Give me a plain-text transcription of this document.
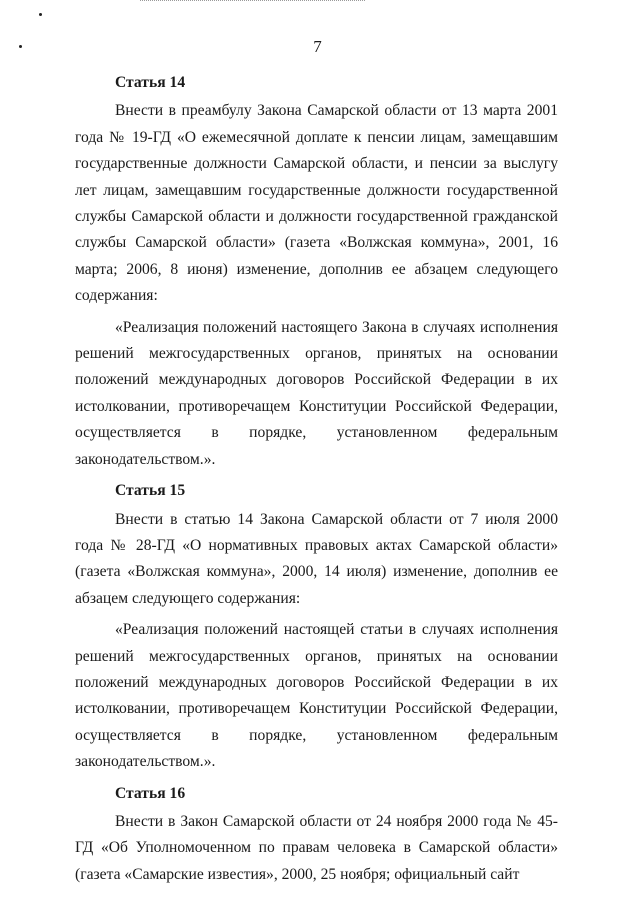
7

Статья 14

Внести в преамбулу Закона Самарской области от 13 марта 2001 года № 19-ГД «О ежемесячной доплате к пенсии лицам, замещавшим государственные должности Самарской области, и пенсии за выслугу лет лицам, замещавшим государственные должности государственной службы Самарской области и должности государственной гражданской службы Самарской области» (газета «Волжская коммуна», 2001, 16 марта; 2006, 8 июня) изменение, дополнив ее абзацем следующего содержания:

«Реализация положений настоящего Закона в случаях исполнения решений межгосударственных органов, принятых на основании положений международных договоров Российской Федерации в их истолковании, противоречащем Конституции Российской Федерации, осуществляется в порядке, установленном федеральным законодательством.».

Статья 15

Внести в статью 14 Закона Самарской области от 7 июля 2000 года № 28-ГД «О нормативных правовых актах Самарской области» (газета «Волжская коммуна», 2000, 14 июля) изменение, дополнив ее абзацем следующего содержания:

«Реализация положений настоящей статьи в случаях исполнения решений межгосударственных органов, принятых на основании положений международных договоров Российской Федерации в их истолковании, противоречащем Конституции Российской Федерации, осуществляется в порядке, установленном федеральным законодательством.».

Статья 16

Внести в Закон Самарской области от 24 ноября 2000 года № 45-ГД «Об Уполномоченном по правам человека в Самарской области» (газета «Самарские известия», 2000, 25 ноября; официальный сайт
